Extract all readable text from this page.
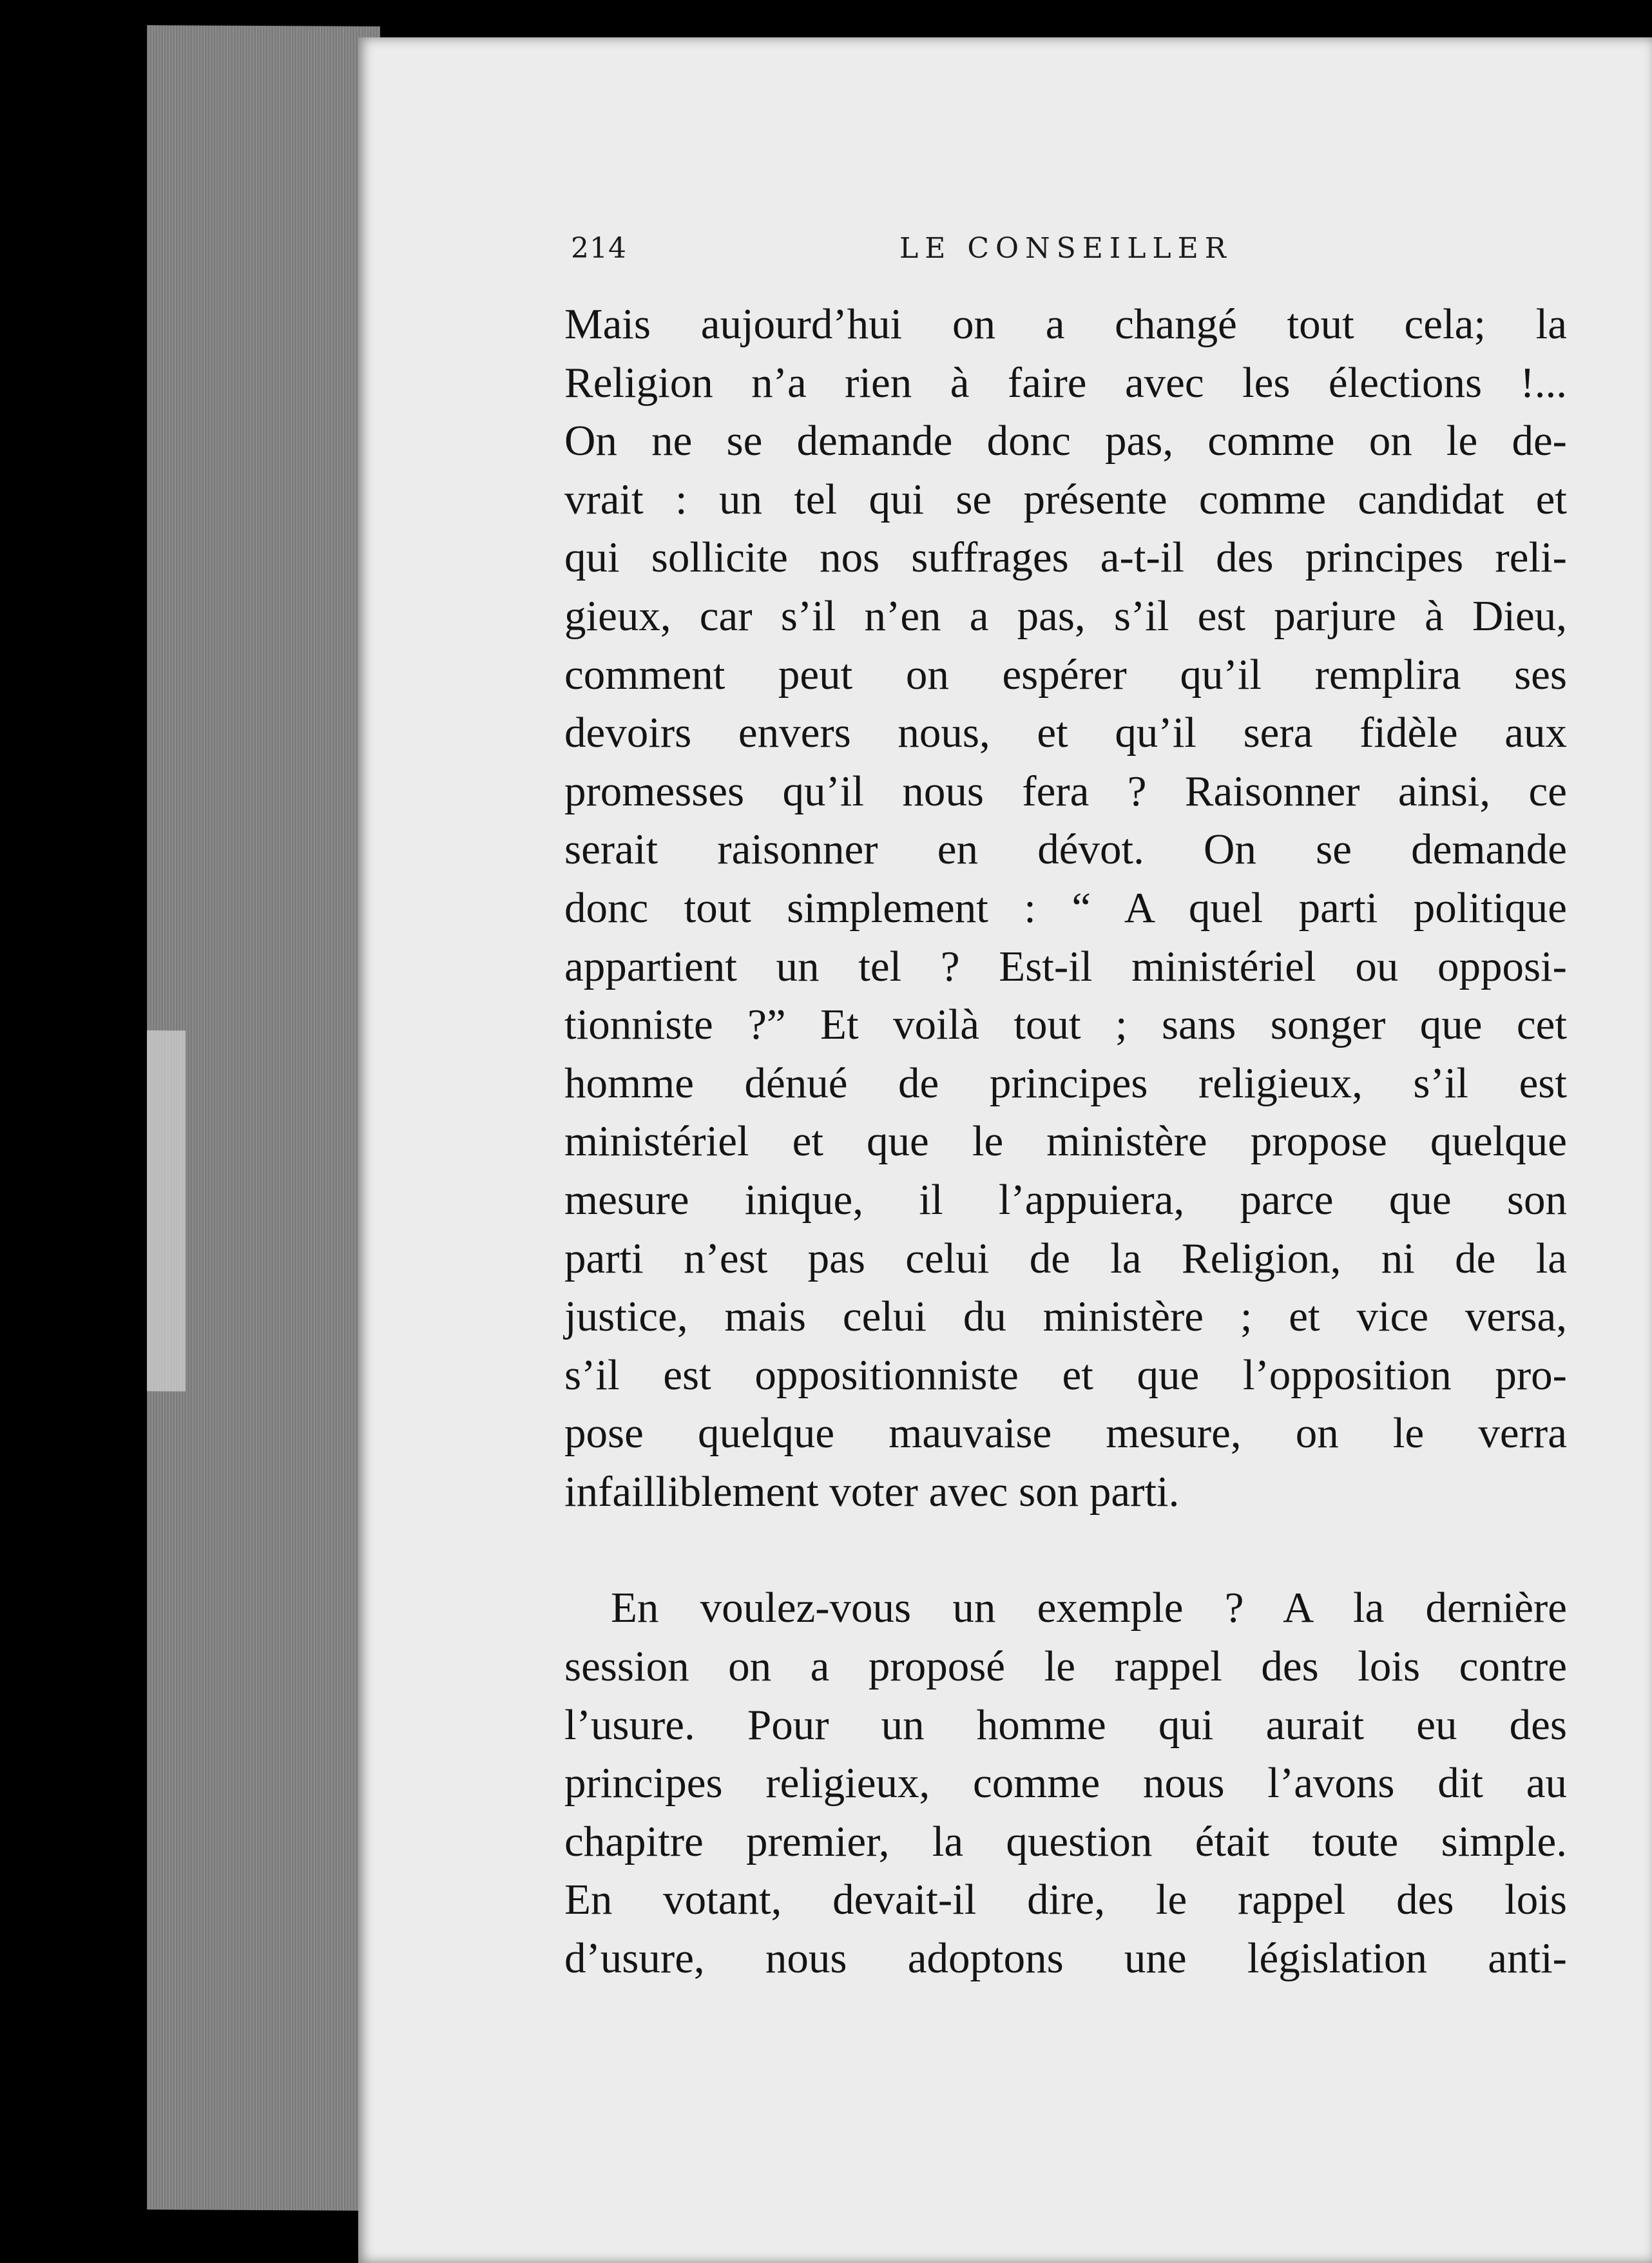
214	LE CONSEILLER
Mais aujourd’hui on a changé tout cela; la
Religion n’a rien à faire avec les élections !...
On ne se demande donc pas, comme on le de-
vrait : un tel qui se présente comme candidat et
qui sollicite nos suffrages a-t-il des principes reli-
gieux, car s’il n’en a pas, s’il est parjure à Dieu,
comment peut on espérer qu’il remplira ses
devoirs envers nous, et qu’il sera fidèle aux
promesses qu’il nous fera ? Raisonner ainsi, ce
serait raisonner en dévot. On se demande
donc tout simplement : “ A quel parti politique
appartient un tel ? Est-il ministériel ou opposi-
tionniste ?” Et voilà tout ; sans songer que cet
homme dénué de principes religieux, s’il est
ministériel et que le ministère propose quelque
mesure inique, il l’appuiera, parce que son
parti n’est pas celui de la Religion, ni de la
justice, mais celui du ministère ; et vice versa,
s’il est oppositionniste et que l’opposition pro-
pose quelque mauvaise mesure, on le verra
infailliblement voter avec son parti.
En voulez-vous un exemple ? A la dernière
session on a proposé le rappel des lois contre
l’usure. Pour un homme qui aurait eu des
principes religieux, comme nous l’avons dit au
chapitre premier, la question était toute simple.
En votant, devait-il dire, le rappel des lois
d’usure, nous adoptons une législation anti-
